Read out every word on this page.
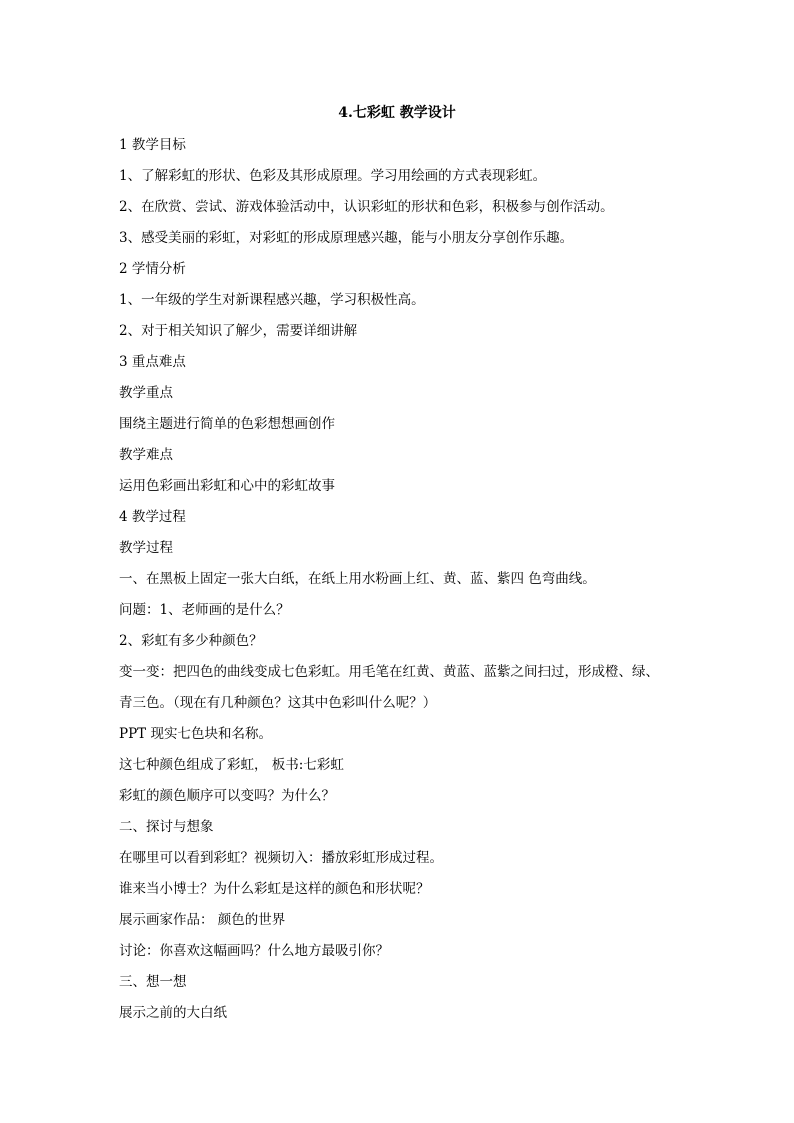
4.七彩虹 教学设计
1 教学目标
1、了解彩虹的形状、色彩及其形成原理。学习用绘画的方式表现彩虹。
2、在欣赏、尝试、游戏体验活动中，认识彩虹的形状和色彩，积极参与创作活动。
3、感受美丽的彩虹，对彩虹的形成原理感兴趣，能与小朋友分享创作乐趣。
2 学情分析
1、一年级的学生对新课程感兴趣，学习积极性高。
2、对于相关知识了解少，需要详细讲解
3 重点难点
教学重点
围绕主题进行简单的色彩想想画创作
教学难点
运用色彩画出彩虹和心中的彩虹故事
4 教学过程
教学过程
一、在黑板上固定一张大白纸，在纸上用水粉画上红、黄、蓝、紫四 色弯曲线。
问题：1、老师画的是什么？
2、彩虹有多少种颜色？
变一变：把四色的曲线变成七色彩虹。用毛笔在红黄、黄蓝、蓝紫之间扫过，形成橙、绿、
青三色。（现在有几种颜色？这其中色彩叫什么呢？）
PPT 现实七色块和名称。
这七种颜色组成了彩虹， 板书:七彩虹
彩虹的颜色顺序可以变吗？为什么？
二、探讨与想象
在哪里可以看到彩虹？视频切入：播放彩虹形成过程。
谁来当小博士？为什么彩虹是这样的颜色和形状呢？
展示画家作品： 颜色的世界
讨论：你喜欢这幅画吗？什么地方最吸引你？
三、想一想
展示之前的大白纸
